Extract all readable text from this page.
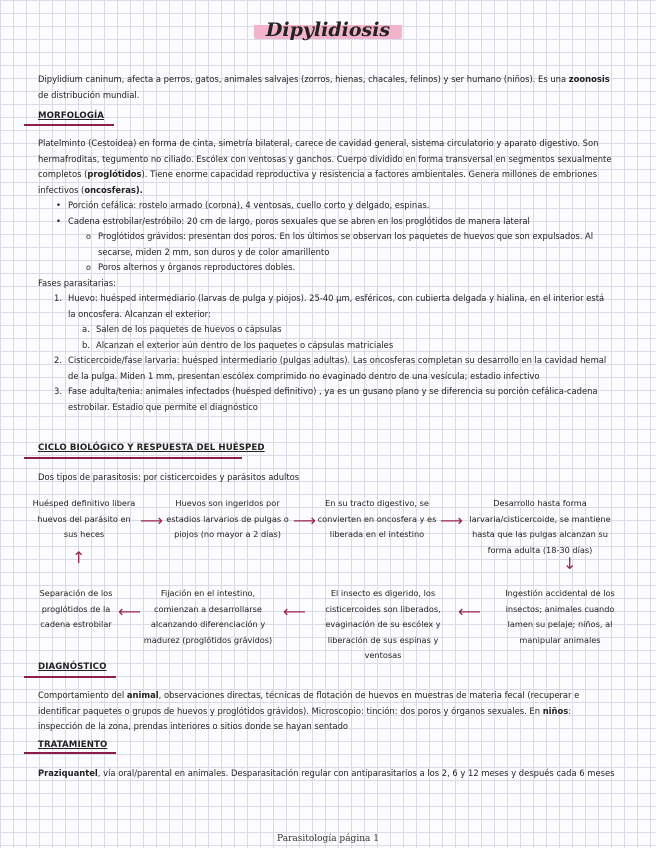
Dipylidiosis
Dipylidium caninum, afecta a perros, gatos, animales salvajes (zorros, hienas, chacales, felinos) y ser humano (niños). Es una zoonosis de distribución mundial.
MORFOLOGÍA
Platelminto (Cestoidea) en forma de cinta, simetría bilateral, carece de cavidad general, sistema circulatorio y aparato digestivo. Son hermafroditas, tegumento no ciliado. Escólex con ventosas y ganchos. Cuerpo dividido en forma transversal en segmentos sexualmente completos (proglótidos). Tiene enorme capacidad reproductiva y resistencia a factores ambientales. Genera millones de embriones infectivos (oncosferas).
• Porción cefálica: rostelo armado (corona), 4 ventosas, cuello corto y delgado, espinas.
• Cadena estrobilar/estróbilo: 20 cm de largo, poros sexuales que se abren en los proglótidos de manera lateral
o Proglótidos grávidos: presentan dos poros. En los últimos se observan los paquetes de huevos que son expulsados. Al secarse, miden 2 mm, son duros y de color amarillento
o Poros alternos y órganos reproductores dobles.
Fases parasitarias:
1. Huevo: huésped intermediario (larvas de pulga y piojos). 25-40 µm, esféricos, con cubierta delgada y hialina, en el interior está la oncosfera. Alcanzan el exterior:
a. Salen de los paquetes de huevos o cápsulas
b. Alcanzan el exterior aún dentro de los paquetes o cápsulas matriciales
2. Cisticercoide/fase larvaria: huésped intermediario (pulgas adultas). Las oncosferas completan su desarrollo en la cavidad hemal de la pulga. Miden 1 mm, presentan escólex comprimido no evaginado dentro de una vesícula; estadio infectivo
3. Fase adulta/tenia: animales infectados (huésped definitivo) , ya es un gusano plano y se diferencia su porción cefálica-cadena estrobilar. Estadio que permite el diagnóstico
CICLO BIOLÓGICO Y RESPUESTA DEL HUÉSPED
Dos tipos de parasitosis: por cisticercoides y parásitos adultos
Huésped definitivo libera huevos del parásito en sus heces
Huevos son ingeridos por estadios larvarios de pulgas o piojos (no mayor a 2 días)
En su tracto digestivo, se convierten en oncosfera y es liberada en el intestino
Desarrollo hasta forma larvaria/cisticercoide, se mantiene hasta que las pulgas alcanzan su forma adulta (18-30 días)
Ingestión accidental de los insectos; animales cuando lamen su pelaje; niños, al manipular animales
El insecto es digerido, los cisticercoides son liberados, evaginación de su escólex y liberación de sus espinas y ventosas
Fijación en el intestino, comienzan a desarrollarse alcanzando diferenciación y madurez (proglótidos grávidos)
Separación de los proglótidos de la cadena estrobilar
⟶	⟶	⟶
↓
⟵
⟵
⟵
↑
DIAGNÓSTICO
Comportamiento del animal, observaciones directas, técnicas de flotación de huevos en muestras de materia fecal (recuperar e identificar paquetes o grupos de huevos y proglótidos grávidos). Microscopio: tinción: dos poros y órganos sexuales. En niños: inspección de la zona, prendas interiores o sitios donde se hayan sentado
TRATAMIENTO
Praziquantel, vía oral/parental en animales. Desparasitación regular con antiparasitarios a los 2, 6 y 12 meses y después cada 6 meses
Parasitología página 1
